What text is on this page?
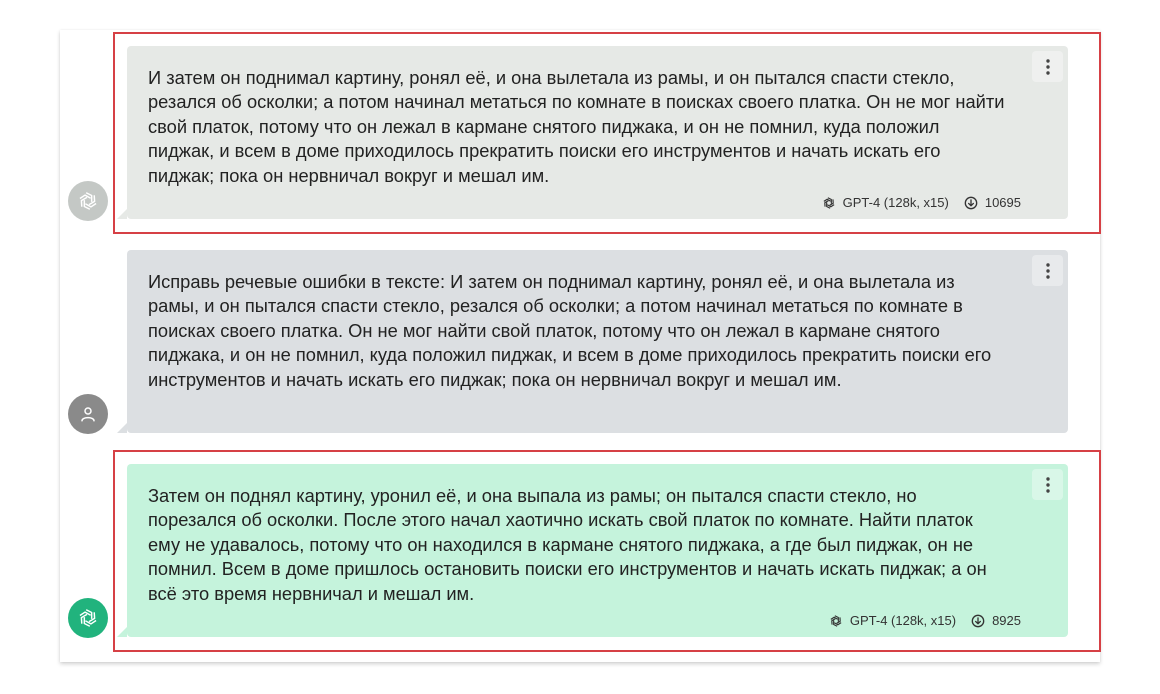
И затем он поднимал картину, ронял её, и она вылетала из рамы, и он пытался спасти стекло, резался об осколки; а потом начинал метаться по комнате в поисках своего платка. Он не мог найти свой платок, потому что он лежал в кармане снятого пиджака, и он не помнил, куда положил пиджак, и всем в доме приходилось прекратить поиски его инструментов и начать искать его пиджак; пока он нервничал вокруг и мешал им.
GPT-4 (128k, x15)	10695
Исправь речевые ошибки в тексте: И затем он поднимал картину, ронял её, и она вылетала из рамы, и он пытался спасти стекло, резался об осколки; а потом начинал метаться по комнате в поисках своего платка. Он не мог найти свой платок, потому что он лежал в кармане снятого пиджака, и он не помнил, куда положил пиджак, и всем в доме приходилось прекратить поиски его инструментов и начать искать его пиджак; пока он нервничал вокруг и мешал им.
Затем он поднял картину, уронил её, и она выпала из рамы; он пытался спасти стекло, но порезался об осколки. После этого начал хаотично искать свой платок по комнате. Найти платок ему не удавалось, потому что он находился в кармане снятого пиджака, а где был пиджак, он не помнил. Всем в доме пришлось остановить поиски его инструментов и начать искать пиджак; а он всё это время нервничал и мешал им.
GPT-4 (128k, x15)	8925
